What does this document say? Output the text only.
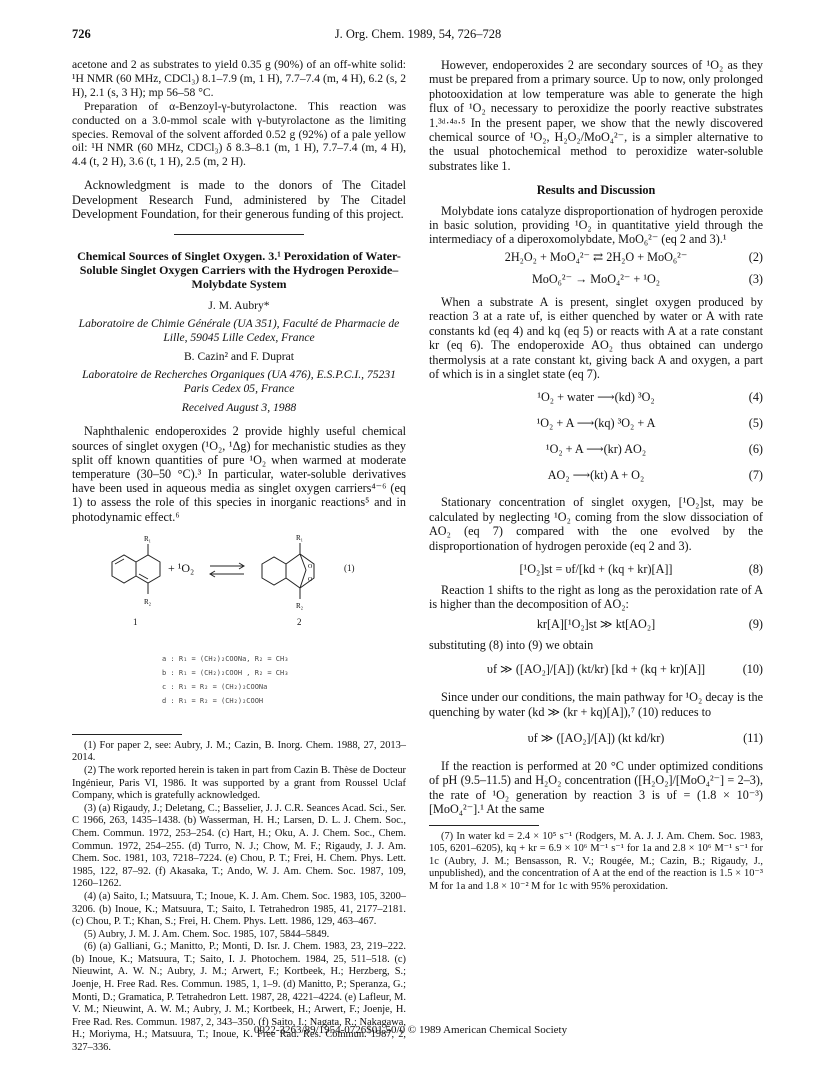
726	J. Org. Chem. 1989, 54, 726–728

acetone and 2 as substrates to yield 0.35 g (90%) of an off-white solid: ¹H NMR (60 MHz, CDCl₃) 8.1–7.9 (m, 1 H), 7.7–7.4 (m, 4 H), 6.2 (s, 2 H), 2.1 (s, 3 H); mp 56–58 °C.

Preparation of α-Benzoyl-γ-butyrolactone. This reaction was conducted on a 3.0-mmol scale with γ-butyrolactone as the limiting species. Removal of the solvent afforded 0.52 g (92%) of a pale yellow oil: ¹H NMR (60 MHz, CDCl₃) δ 8.3–8.1 (m, 1 H), 7.7–7.4 (m, 4 H), 4.4 (t, 2 H), 3.6 (t, 1 H), 2.5 (m, 2 H).

Acknowledgment is made to the donors of The Citadel Development Research Fund, administered by The Citadel Development Foundation, for their generous funding of this project.

Chemical Sources of Singlet Oxygen. 3.¹ Peroxidation of Water-Soluble Singlet Oxygen Carriers with the Hydrogen Peroxide–Molybdate System
J. M. Aubry*
Laboratoire de Chimie Générale (UA 351), Faculté de Pharmacie de Lille, 59045 Lille Cedex, France
B. Cazin² and F. Duprat
Laboratoire de Recherches Organiques (UA 476), E.S.P.C.I., 75231 Paris Cedex 05, France
Received August 3, 1988

Naphthalenic endoperoxides 2 provide highly useful chemical sources of singlet oxygen (¹O₂, ¹Δg) for mechanistic studies as they split off known quantities of pure ¹O₂ when warmed at moderate temperature (30–50 °C).³ In particular, water-soluble derivatives have been used in aqueous media as singlet oxygen carriers⁴⁻⁶ (eq 1) to assess the role of this species in inorganic reactions⁵ and in photodynamic effect.⁶

R₁
R₂
R₁
R₂
O
O
+ ¹O₂	(1)
1	2
a : R₁ = (CH₂)₂COONa, R₂ = CH₃
b : R₁ = (CH₂)₂COOH , R₂ = CH₃
c : R₁ = R₂ = (CH₂)₂COONa
d : R₁ = R₂ = (CH₂)₂COOH

(1) For paper 2, see: Aubry, J. M.; Cazin, B. Inorg. Chem. 1988, 27, 2013–2014.

(2) The work reported herein is taken in part from Cazin B. Thèse de Docteur Ingénieur, Paris VI, 1986. It was supported by a grant from Roussel Uclaf Company, which is gratefully acknowledged.

(3) (a) Rigaudy, J.; Deletang, C.; Basselier, J. J. C.R. Seances Acad. Sci., Ser. C 1966, 263, 1435–1438. (b) Wasserman, H. H.; Larsen, D. L. J. Chem. Soc., Chem. Commun. 1972, 253–254. (c) Hart, H.; Oku, A. J. Chem. Soc., Chem. Commun. 1972, 254–255. (d) Turro, N. J.; Chow, M. F.; Rigaudy, J. J. Am. Chem. Soc. 1981, 103, 7218–7224. (e) Chou, P. T.; Frei, H. Chem. Phys. Lett. 1985, 122, 87–92. (f) Akasaka, T.; Ando, W. J. Am. Chem. Soc. 1987, 109, 1260–1262.

(4) (a) Saito, I.; Matsuura, T.; Inoue, K. J. Am. Chem. Soc. 1983, 105, 3200–3206. (b) Inoue, K.; Matsuura, T.; Saito, I. Tetrahedron 1985, 41, 2177–2181. (c) Chou, P. T.; Khan, S.; Frei, H. Chem. Phys. Lett. 1986, 129, 463–467.

(5) Aubry, J. M. J. Am. Chem. Soc. 1985, 107, 5844–5849.

(6) (a) Galliani, G.; Manitto, P.; Monti, D. Isr. J. Chem. 1983, 23, 219–222. (b) Inoue, K.; Matsuura, T.; Saito, I. J. Photochem. 1984, 25, 511–518. (c) Nieuwint, A. W. N.; Aubry, J. M.; Arwert, F.; Kortbeek, H.; Herzberg, S.; Joenje, H. Free Rad. Res. Commun. 1985, 1, 1–9. (d) Manitto, P.; Speranza, G.; Monti, D.; Gramatica, P. Tetrahedron Lett. 1987, 28, 4221–4224. (e) Lafleur, M. V. M.; Nieuwint, A. W. M.; Aubry, J. M.; Kortbeek, H.; Arwert, F.; Joenje, H. Free Rad. Res. Commun. 1987, 2, 343–350. (f) Saito, I.; Nagata, R.; Nakagawa, H.; Moriyma, H.; Matsuura, T.; Inoue, K. Free Rad. Res. Commun. 1987, 2, 327–336.

However, endoperoxides 2 are secondary sources of ¹O₂ as they must be prepared from a primary source. Up to now, only prolonged photooxidation at low temperature was able to generate the high flux of ¹O₂ necessary to peroxidize the poorly reactive substrates 1.³ᵈ·⁴ᵃ·⁵ In the present paper, we show that the newly discovered chemical source of ¹O₂, H₂O₂/MoO₄²⁻, is a simpler alternative to the usual photochemical method to peroxidize water-soluble substrates like 1.

Results and Discussion

Molybdate ions catalyze disproportionation of hydrogen peroxide in basic solution, providing ¹O₂ in quantitative yield through the intermediacy of a diperoxomolybdate, MoO₆²⁻ (eq 2 and 3).¹

2H₂O₂ + MoO₄²⁻ ⇄ 2H₂O + MoO₆²⁻	(2)
MoO₆²⁻ → MoO₄²⁻ + ¹O₂	(3)

When a substrate A is present, singlet oxygen produced by reaction 3 at a rate υf, is either quenched by water or A with rate constants kd (eq 4) and kq (eq 5) or reacts with A at a rate constant kr (eq 6). The endoperoxide AO₂ thus obtained can undergo thermolysis at a rate constant kt, giving back A and oxygen, a part of which is in a singlet state (eq 7).

¹O₂ + water ⟶(kd) ³O₂	(4)
¹O₂ + A ⟶(kq) ³O₂ + A	(5)
¹O₂ + A ⟶(kr) AO₂	(6)
AO₂ ⟶(kt) A + O₂	(7)

Stationary concentration of singlet oxygen, [¹O₂]st, may be calculated by neglecting ¹O₂ coming from the slow dissociation of AO₂ (eq 7) compared with the one evolved by the disproportionation of hydrogen peroxide (eq 2 and 3).

[¹O₂]st = υf/[kd + (kq + kr)[A]]	(8)

Reaction 1 shifts to the right as long as the peroxidation rate of A is higher than the decomposition of AO₂:

kr[A][¹O₂]st ≫ kt[AO₂]	(9)

substituting (8) into (9) we obtain

υf ≫ ([AO₂]/[A]) (kt/kr) [kd + (kq + kr)[A]]	(10)

Since under our conditions, the main pathway for ¹O₂ decay is the quenching by water (kd ≫ (kr + kq)[A]),⁷ (10) reduces to

υf ≫ ([AO₂]/[A]) (kt kd/kr)	(11)

If the reaction is performed at 20 °C under optimized conditions of pH (9.5–11.5) and H₂O₂ concentration ([H₂O₂]/[MoO₄²⁻] = 2–3), the rate of ¹O₂ generation by reaction 3 is υf = (1.8 × 10⁻³)[MoO₄²⁻].¹ At the same

(7) In water kd = 2.4 × 10⁵ s⁻¹ (Rodgers, M. A. J. J. Am. Chem. Soc. 1983, 105, 6201–6205), kq + kr = 6.9 × 10⁶ M⁻¹ s⁻¹ for 1a and 2.8 × 10⁶ M⁻¹ s⁻¹ for 1c (Aubry, J. M.; Bensasson, R. V.; Rougée, M.; Cazin, B.; Rigaudy, J., unpublished), and the concentration of A at the end of the reaction is 1.5 × 10⁻³ M for 1a and 1.8 × 10⁻² M for 1c with 95% peroxidation.

0022-3263/89/1954-0726$01.50/0 © 1989 American Chemical Society
